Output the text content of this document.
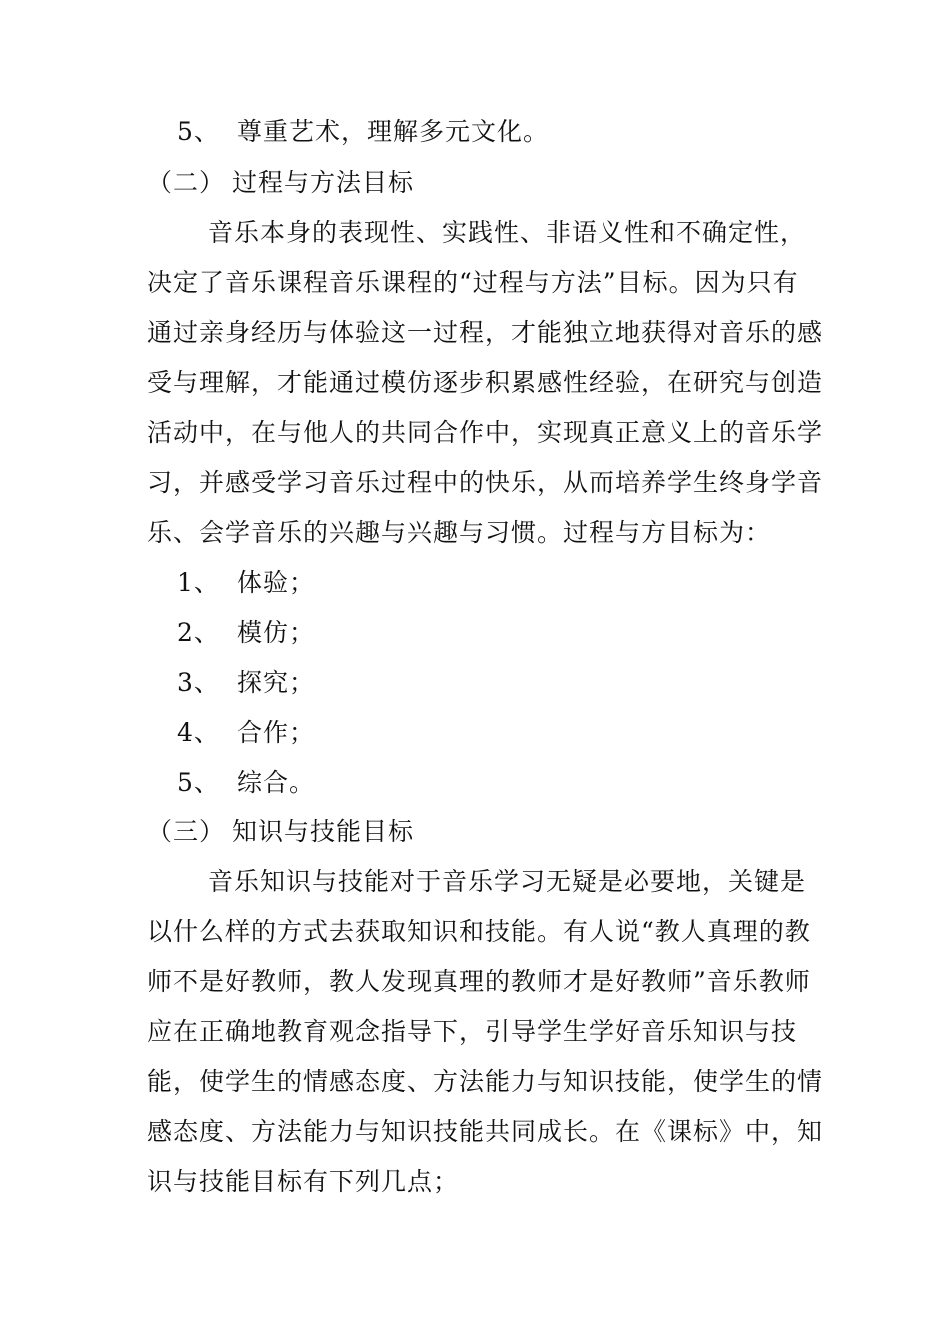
5、 尊重艺术，理解多元文化。
（二） 过程与方法目标
音乐本身的表现性、实践性、非语义性和不确定性，
决定了音乐课程音乐课程的“过程与方法”目标。因为只有
通过亲身经历与体验这一过程，才能独立地获得对音乐的感
受与理解，才能通过模仿逐步积累感性经验，在研究与创造
活动中，在与他人的共同合作中，实现真正意义上的音乐学
习，并感受学习音乐过程中的快乐，从而培养学生终身学音
乐、会学音乐的兴趣与兴趣与习惯。过程与方目标为：
1、 体验；
2、 模仿；
3、 探究；
4、 合作；
5、 综合。
（三） 知识与技能目标
音乐知识与技能对于音乐学习无疑是必要地，关键是
以什么样的方式去获取知识和技能。有人说“教人真理的教
师不是好教师，教人发现真理的教师才是好教师”音乐教师
应在正确地教育观念指导下，引导学生学好音乐知识与技
能，使学生的情感态度、方法能力与知识技能，使学生的情
感态度、方法能力与知识技能共同成长。在《课标》中，知
识与技能目标有下列几点；
